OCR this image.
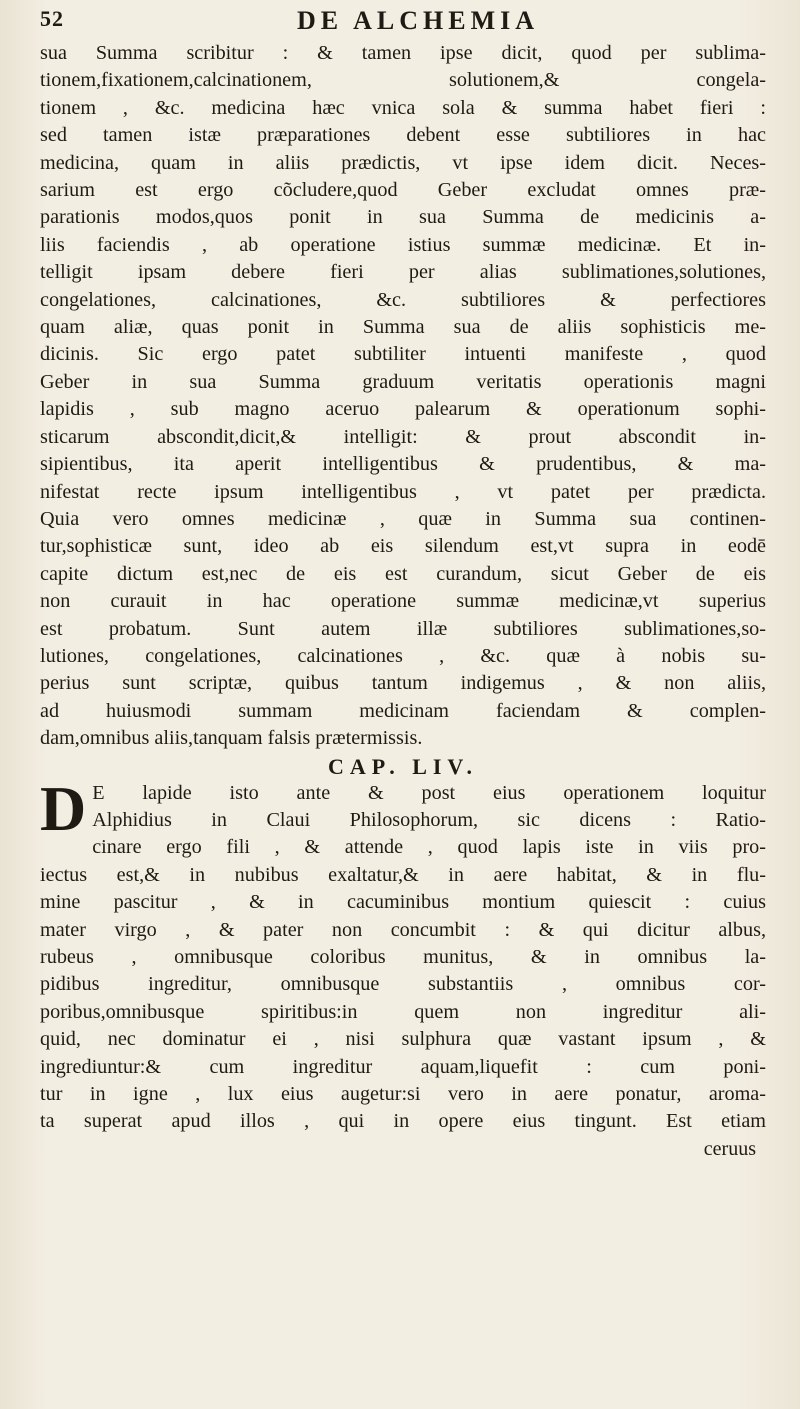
52	DE ALCHEMIA

sua Summa scribitur : & tamen ipse dicit, quod per sublima-

tionem,fixationem,calcinationem, solutionem,& congela-

tionem , &c. medicina hæc vnica sola & summa habet fieri :

sed tamen istæ præparationes debent esse subtiliores in hac

medicina, quam in aliis prædictis, vt ipse idem dicit. Neces-

sarium est ergo cõcludere,quod Geber excludat omnes præ-

parationis modos,quos ponit in sua Summa de medicinis a-

liis faciendis , ab operatione istius summæ medicinæ. Et in-

telligit ipsam debere fieri per alias sublimationes,solutiones,

congelationes, calcinationes, &c. subtiliores & perfectiores

quam aliæ, quas ponit in Summa sua de aliis sophisticis me-

dicinis. Sic ergo patet subtiliter intuenti manifeste , quod

Geber in sua Summa graduum veritatis operationis magni

lapidis , sub magno aceruo palearum & operationum sophi-

sticarum abscondit,dicit,& intelligit: & prout abscondit in-

sipientibus, ita aperit intelligentibus & prudentibus, & ma-

nifestat recte ipsum intelligentibus , vt patet per prædicta.

Quia vero omnes medicinæ , quæ in Summa sua continen-

tur,sophisticæ sunt, ideo ab eis silendum est,vt supra in eodē

capite dictum est,nec de eis est curandum, sicut Geber de eis

non curauit in hac operatione summæ medicinæ,vt superius

est probatum. Sunt autem illæ subtiliores sublimationes,so-

lutiones, congelationes, calcinationes , &c. quæ à nobis su-

perius sunt scriptæ, quibus tantum indigemus , & non aliis,

ad huiusmodi summam medicinam faciendam & complen-

dam,omnibus aliis,tanquam falsis prætermissis.

CAP. LIV.
D E lapide isto ante & post eius operationem loquitur

Alphidius in Claui Philosophorum, sic dicens : Ratio-

cinare ergo fili , & attende , quod lapis iste in viis pro-

iectus est,& in nubibus exaltatur,& in aere habitat, & in flu-

mine pascitur , & in cacuminibus montium quiescit : cuius

mater virgo , & pater non concumbit : & qui dicitur albus,

rubeus , omnibusque coloribus munitus, & in omnibus la-

pidibus ingreditur, omnibusque substantiis , omnibus cor-

poribus,omnibusque spiritibus:in quem non ingreditur ali-

quid, nec dominatur ei , nisi sulphura quæ vastant ipsum , &

ingrediuntur:& cum ingreditur aquam,liquefit : cum poni-

tur in igne , lux eius augetur:si vero in aere ponatur, aroma-

ta superat apud illos , qui in opere eius tingunt. Est etiam

ceruus
